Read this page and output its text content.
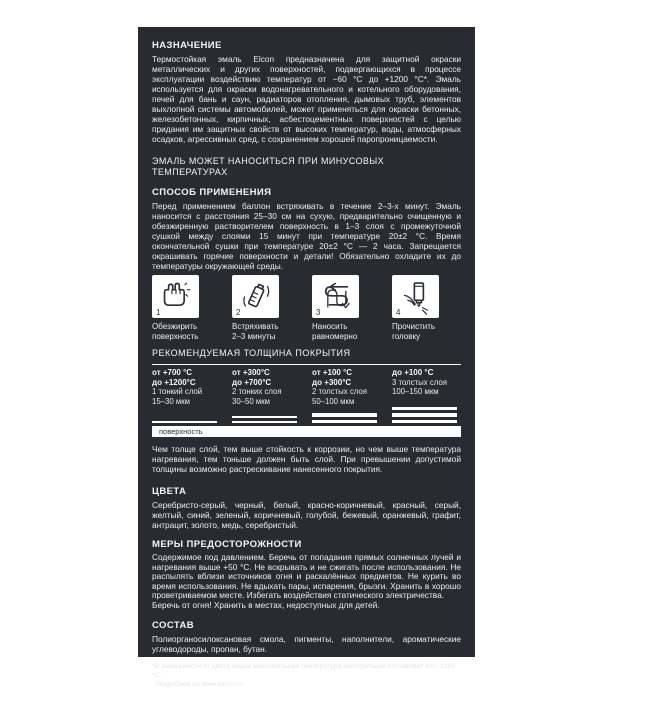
НАЗНАЧЕНИЕ

Термостойкая эмаль Elcon предназначена для защитной окраски металлических и других поверхностей, подвергающихся в процессе эксплуатации воздействию температур от −60 °C до +1200 °C*. Эмаль используется для окраски водонагревательного и котельного оборудования, печей для бань и саун, радиаторов отопления, дымовых труб, элементов выхлопной системы автомобилей, может применяться для окраски бетонных, железобетонных, кирпичных, асбестоцементных поверхностей с целью придания им защитных свойств от высоких температур, воды, атмосферных осадков, агрессивных сред, с сохранением хорошей паропроницаемости.

ЭМАЛЬ МОЖЕТ НАНОСИТЬСЯ ПРИ МИНУСОВЫХ ТЕМПЕРАТУРАХ
СПОСОБ ПРИМЕНЕНИЯ

Перед применением баллон встряхивать в течение 2–3-х минут. Эмаль наносится с расстояния 25–30 см на сухую, предварительно очищенную и обезжиренную растворителем поверхность в 1–3 слоя с промежуточной сушкой между слоями 15 минут при температуре 20±2 °C. Время окончательной сушки при температуре 20±2 °C — 2 часа. Запрещается окрашивать горячие поверхности и детали! Обязательно охладите их до температуры окружающей среды.

1
Обезжирить
поверхность
2
Встряхивать
2–3 минуты
3
Наносить
равномерно
4
Прочистить
головку
РЕКОМЕНДУЕМАЯ ТОЛЩИНА ПОКРЫТИЯ
от +700 °C
до +1200°C
1 тонкий слой
15–30 мкм
от +300°C
до +700°C
2 тонких слоя
30–50 мкм
от +100 °C
до +300°C
2 толстых слоя
50–100 мкм
до +100 °C
3 толстых слоя
100–150 мкм
поверхность

Чем толще слой, тем выше стойкость к коррозии, но чем выше температура нагревания, тем тоньше должен быть слой. При превышении допустимой толщины возможно растрескивание нанесенного покрытия.

ЦВЕТА

Серебристо-серый, черный, белый, красно-коричневый, красный, серый, желтый, синий, зеленый, коричневый, голубой, бежевый, оранжевый, графит, антрацит, золото, медь, серебристый.

МЕРЫ ПРЕДОСТОРОЖНОСТИ

Содержимое под давлением. Беречь от попадания прямых солнечных лучей и нагревания выше +50 °C. Не вскрывать и не сжигать после использования. Не распылять вблизи источников огня и раскалённых предметов. Не курить во время использования. Не вдыхать пары, испарения, брызги. Хранить в хорошо проветриваемом месте. Избегать воздействия статического электричества.

Беречь от огня! Хранить в местах, недоступных для детей.

СОСТАВ

Полиорганосилоксановая смола, пигменты, наполнители, ароматические углеводороды, пропан, бутан.

*В зависимости от цвета эмали максимальная температура эксплуатации составляет 400–1200 °C.
Подробнее на www.elcon.ru
